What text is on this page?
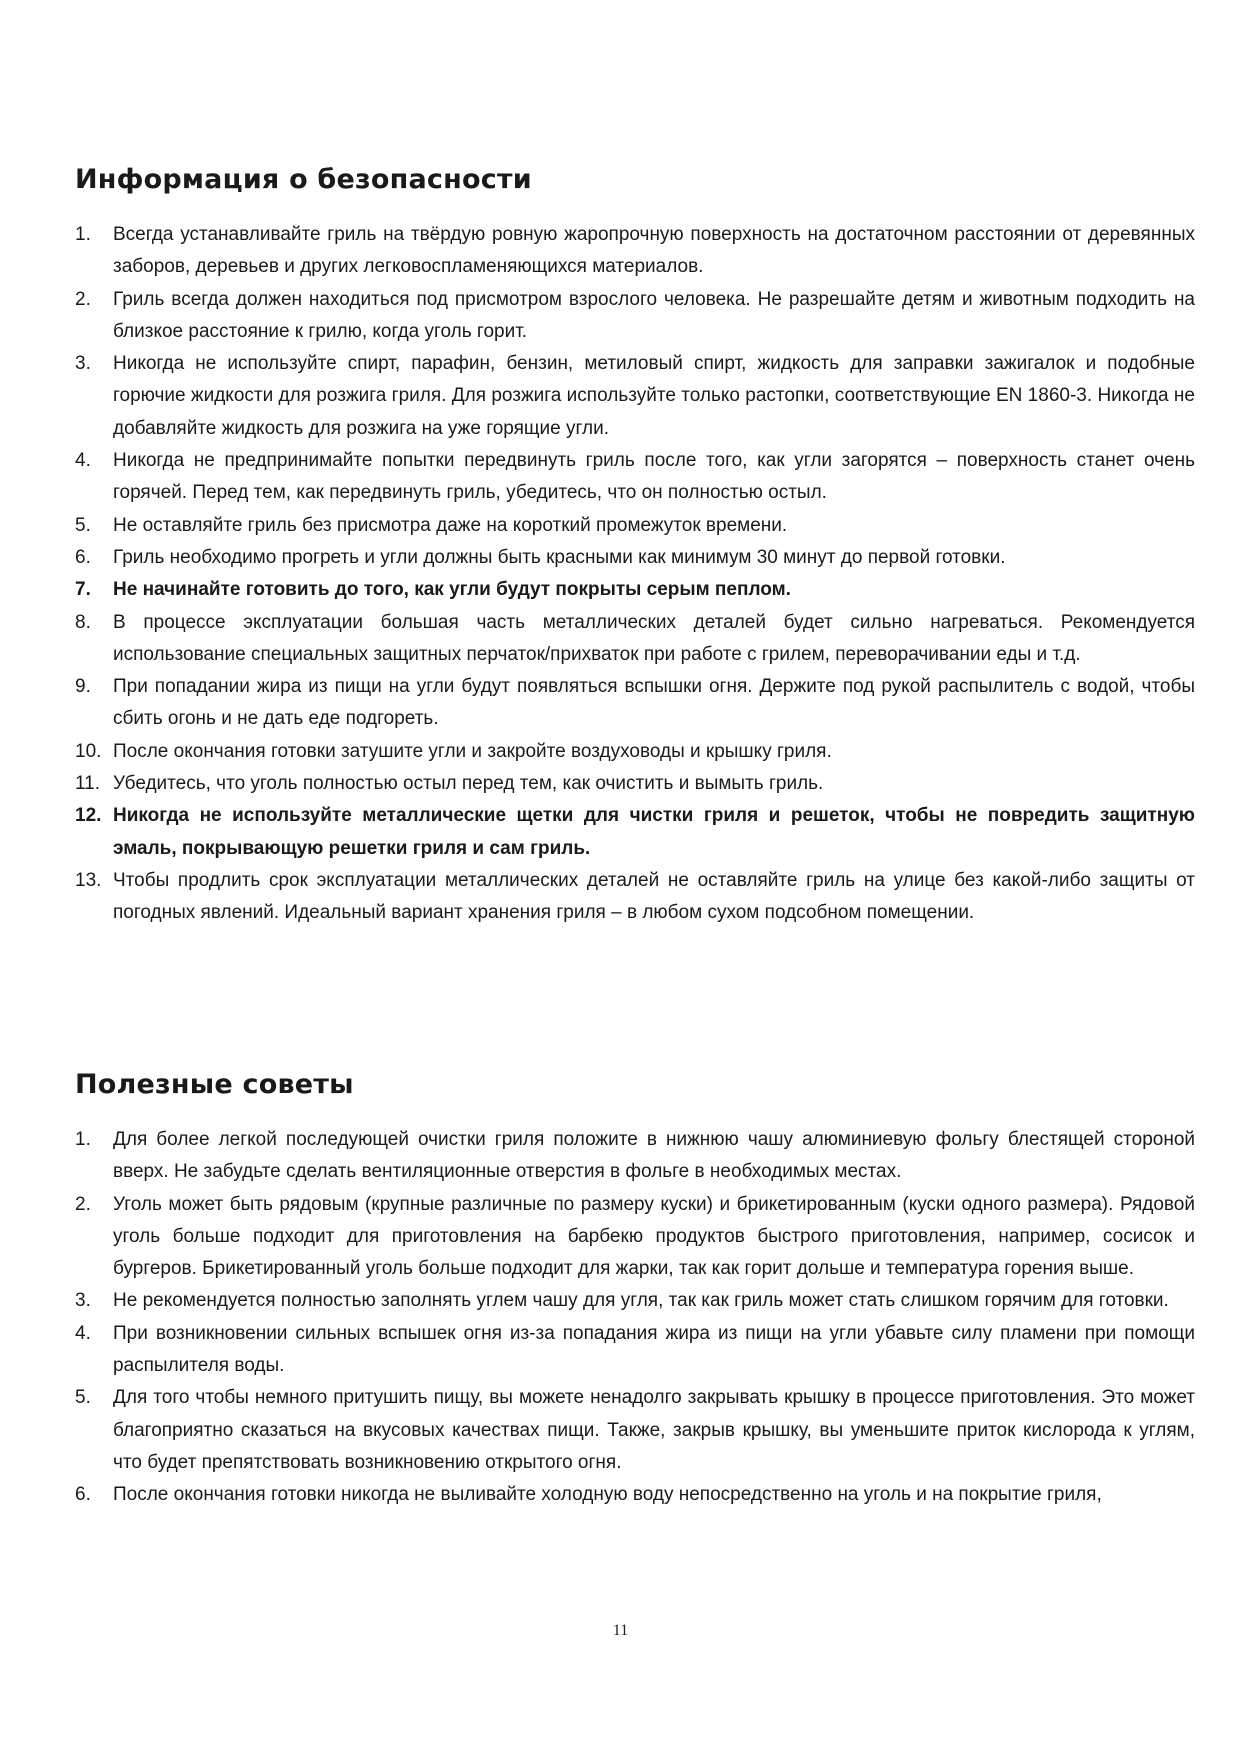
Информация о безопасности
1. Всегда устанавливайте гриль на твёрдую ровную жаропрочную поверхность на достаточном расстоянии от деревянных заборов, деревьев и других легковоспламеняющихся материалов.
2. Гриль всегда должен находиться под присмотром взрослого человека. Не разрешайте детям и животным подходить на близкое расстояние к грилю, когда уголь горит.
3. Никогда не используйте спирт, парафин, бензин, метиловый спирт, жидкость для заправки зажигалок и подобные горючие жидкости для розжига гриля. Для розжига используйте только растопки, соответствующие EN 1860-3. Никогда не добавляйте жидкость для розжига на уже горящие угли.
4. Никогда не предпринимайте попытки передвинуть гриль после того, как угли загорятся – поверхность станет очень горячей. Перед тем, как передвинуть гриль, убедитесь, что он полностью остыл.
5. Не оставляйте гриль без присмотра даже на короткий промежуток времени.
6. Гриль необходимо прогреть и угли должны быть красными как минимум 30 минут до первой готовки.
7. Не начинайте готовить до того, как угли будут покрыты серым пеплом.
8. В процессе эксплуатации большая часть металлических деталей будет сильно нагреваться. Рекомендуется использование специальных защитных перчаток/прихваток при работе с грилем, переворачивании еды и т.д.
9. При попадании жира из пищи на угли будут появляться вспышки огня. Держите под рукой распылитель с водой, чтобы сбить огонь и не дать еде подгореть.
10. После окончания готовки затушите угли и закройте воздуховоды и крышку гриля.
11. Убедитесь, что уголь полностью остыл перед тем, как очистить и вымыть гриль.
12. Никогда не используйте металлические щетки для чистки гриля и решеток, чтобы не повредить защитную эмаль, покрывающую решетки гриля и сам гриль.
13. Чтобы продлить срок эксплуатации металлических деталей не оставляйте гриль на улице без какой-либо защиты от погодных явлений. Идеальный вариант хранения гриля – в любом сухом подсобном помещении.
Полезные советы
1. Для более легкой последующей очистки гриля положите в нижнюю чашу алюминиевую фольгу блестящей стороной вверх. Не забудьте сделать вентиляционные отверстия в фольге в необходимых местах.
2. Уголь может быть рядовым (крупные различные по размеру куски) и брикетированным (куски одного размера). Рядовой уголь больше подходит для приготовления на барбекю продуктов быстрого приготовления, например, сосисок и бургеров. Брикетированный уголь больше подходит для жарки, так как горит дольше и температура горения выше.
3. Не рекомендуется полностью заполнять углем чашу для угля, так как гриль может стать слишком горячим для готовки.
4. При возникновении сильных вспышек огня из-за попадания жира из пищи на угли убавьте силу пламени при помощи распылителя воды.
5. Для того чтобы немного притушить пищу, вы можете ненадолго закрывать крышку в процессе приготовления. Это может благоприятно сказаться на вкусовых качествах пищи. Также, закрыв крышку, вы уменьшите приток кислорода к углям, что будет препятствовать возникновению открытого огня.
6. После окончания готовки никогда не выливайте холодную воду непосредственно на уголь и на покрытие гриля,
11
